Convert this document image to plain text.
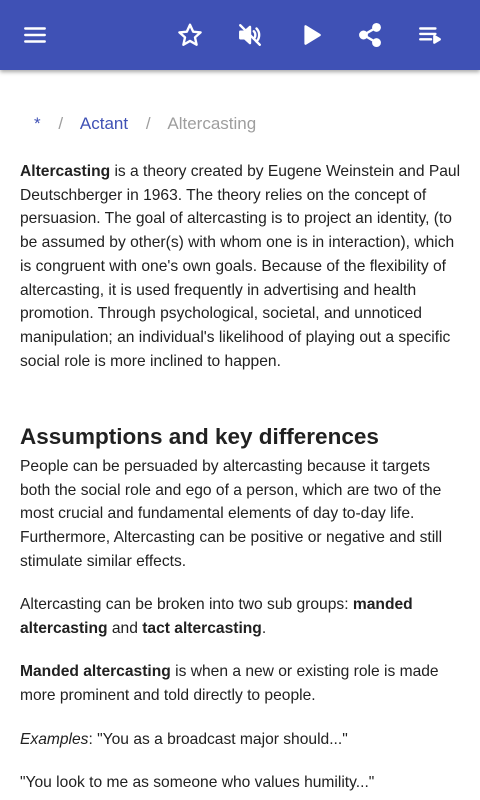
* / Actant / Altercasting

Altercasting is a theory created by Eugene Weinstein and Paul Deutschberger in 1963. The theory relies on the concept of persuasion. The goal of altercasting is to project an identity, (to be assumed by other(s) with whom one is in interaction), which is congruent with one's own goals. Because of the flexibility of altercasting, it is used frequently in advertising and health promotion. Through psychological, societal, and unnoticed manipulation; an individual's likelihood of playing out a specific social role is more inclined to happen.

Assumptions and key differences

People can be persuaded by altercasting because it targets both the social role and ego of a person, which are two of the most crucial and fundamental elements of day to-day life. Furthermore, Altercasting can be positive or negative and still stimulate similar effects.

Altercasting can be broken into two sub groups: manded altercasting and tact altercasting.

Manded altercasting is when a new or existing role is made more prominent and told directly to people.

Examples: "You as a broadcast major should..."

"You look to me as someone who values humility..."
